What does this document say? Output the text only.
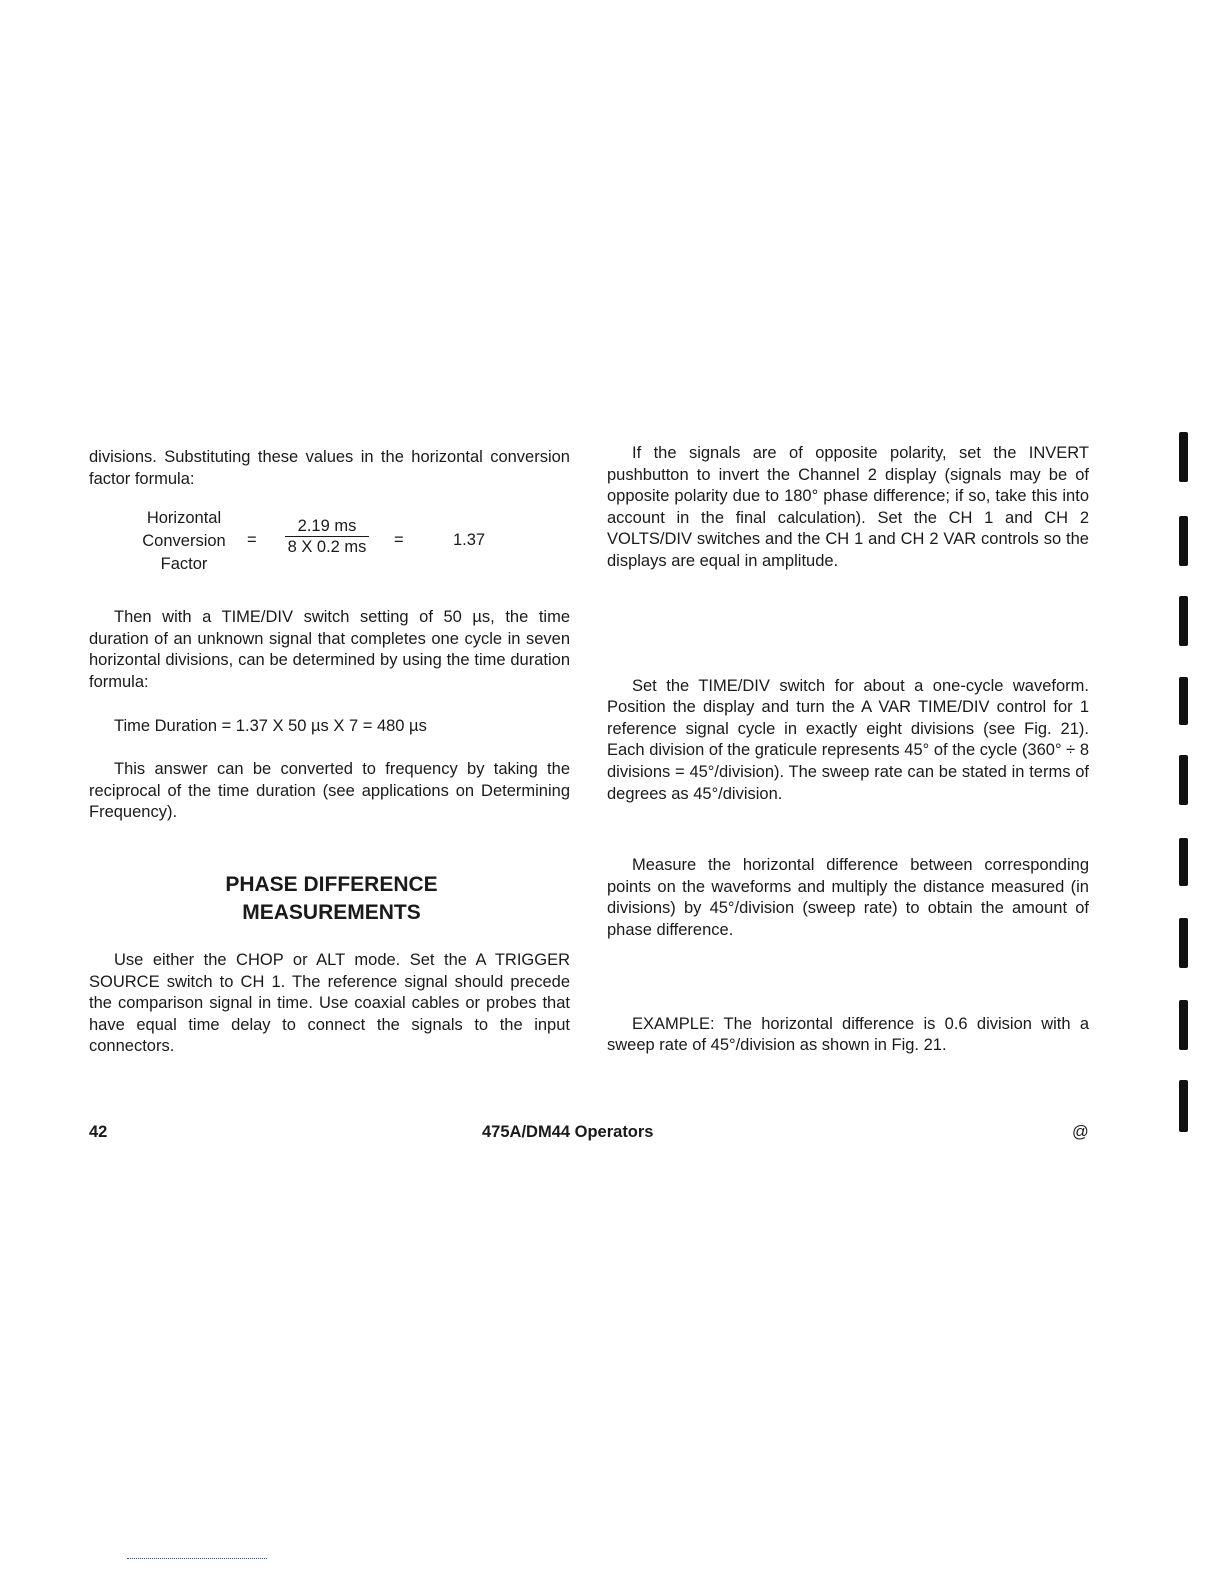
divisions. Substituting these values in the horizontal conversion factor formula:

Horizontal
Conversion
Factor
= $\frac{2.19 ms}{8 X 0.2 ms}$ =	1.37

Then with a TIME/DIV switch setting of 50 µs, the time duration of an unknown signal that completes one cycle in seven horizontal divisions, can be determined by using the time duration formula:

Time Duration = 1.37 X 50 µs X 7 = 480 µs

This answer can be converted to frequency by taking the reciprocal of the time duration (see applications on Determining Frequency).

PHASE DIFFERENCE
MEASUREMENTS

Use either the CHOP or ALT mode. Set the A TRIGGER SOURCE switch to CH 1. The reference signal should precede the comparison signal in time. Use coaxial cables or probes that have equal time delay to connect the signals to the input connectors.

If the signals are of opposite polarity, set the INVERT pushbutton to invert the Channel 2 display (signals may be of opposite polarity due to 180° phase difference; if so, take this into account in the final calculation). Set the CH 1 and CH 2 VOLTS/DIV switches and the CH 1 and CH 2 VAR controls so the displays are equal in amplitude.

Set the TIME/DIV switch for about a one-cycle waveform. Position the display and turn the A VAR TIME/DIV control for 1 reference signal cycle in exactly eight divisions (see Fig. 21). Each division of the graticule represents 45° of the cycle (360° ÷ 8 divisions = 45°/division). The sweep rate can be stated in terms of degrees as 45°/division.

Measure the horizontal difference between corresponding points on the waveforms and multiply the distance measured (in divisions) by 45°/division (sweep rate) to obtain the amount of phase difference.

EXAMPLE: The horizontal difference is 0.6 division with a sweep rate of 45°/division as shown in Fig. 21.

42	475A/DM44 Operators	@
